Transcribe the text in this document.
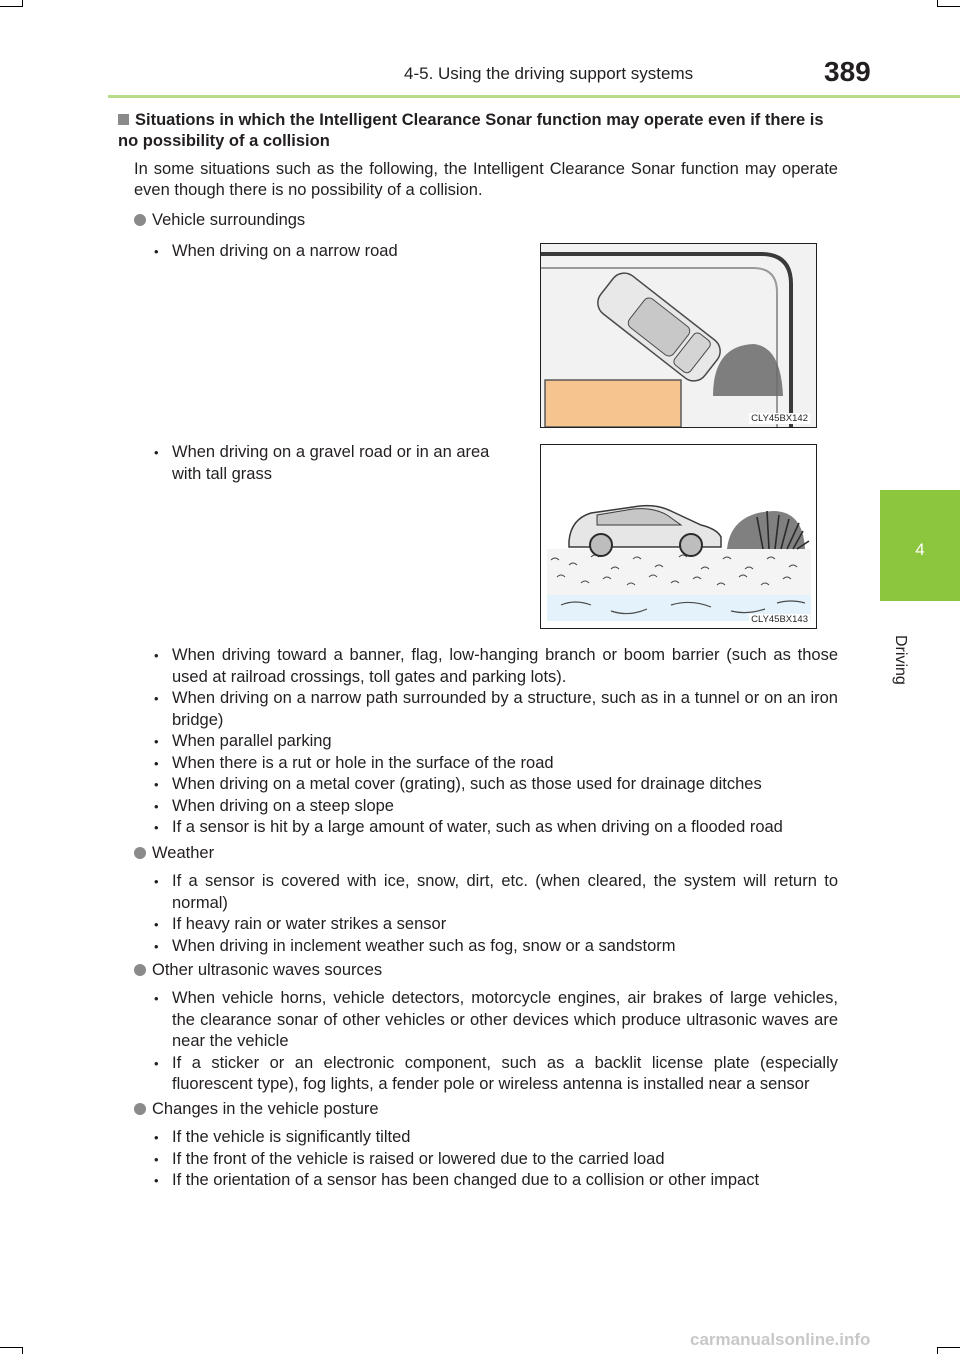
4-5. Using the driving support systems	389
4
Driving
Situations in which the Intelligent Clearance Sonar function may operate even if there is no possibility of a collision
In some situations such as the following, the Intelligent Clearance Sonar function may operate even though there is no possibility of a collision.
Vehicle surroundings
• When driving on a narrow road
• When driving on a gravel road or in an area with tall grass
CLY45BX142
CLY45BX143
• When driving toward a banner, flag, low-hanging branch or boom barrier (such as those used at railroad crossings, toll gates and parking lots).
• When driving on a narrow path surrounded by a structure, such as in a tunnel or on an iron bridge)
• When parallel parking
• When there is a rut or hole in the surface of the road
• When driving on a metal cover (grating), such as those used for drainage ditches
• When driving on a steep slope
• If a sensor is hit by a large amount of water, such as when driving on a flooded road
Weather
• If a sensor is covered with ice, snow, dirt, etc. (when cleared, the system will return to normal)
• If heavy rain or water strikes a sensor
• When driving in inclement weather such as fog, snow or a sandstorm
Other ultrasonic waves sources
• When vehicle horns, vehicle detectors, motorcycle engines, air brakes of large vehicles, the clearance sonar of other vehicles or other devices which produce ultrasonic waves are near the vehicle
• If a sticker or an electronic component, such as a backlit license plate (especially fluorescent type), fog lights, a fender pole or wireless antenna is installed near a sensor
Changes in the vehicle posture
• If the vehicle is significantly tilted
• If the front of the vehicle is raised or lowered due to the carried load
• If the orientation of a sensor has been changed due to a collision or other impact
carmanualsonline.info
